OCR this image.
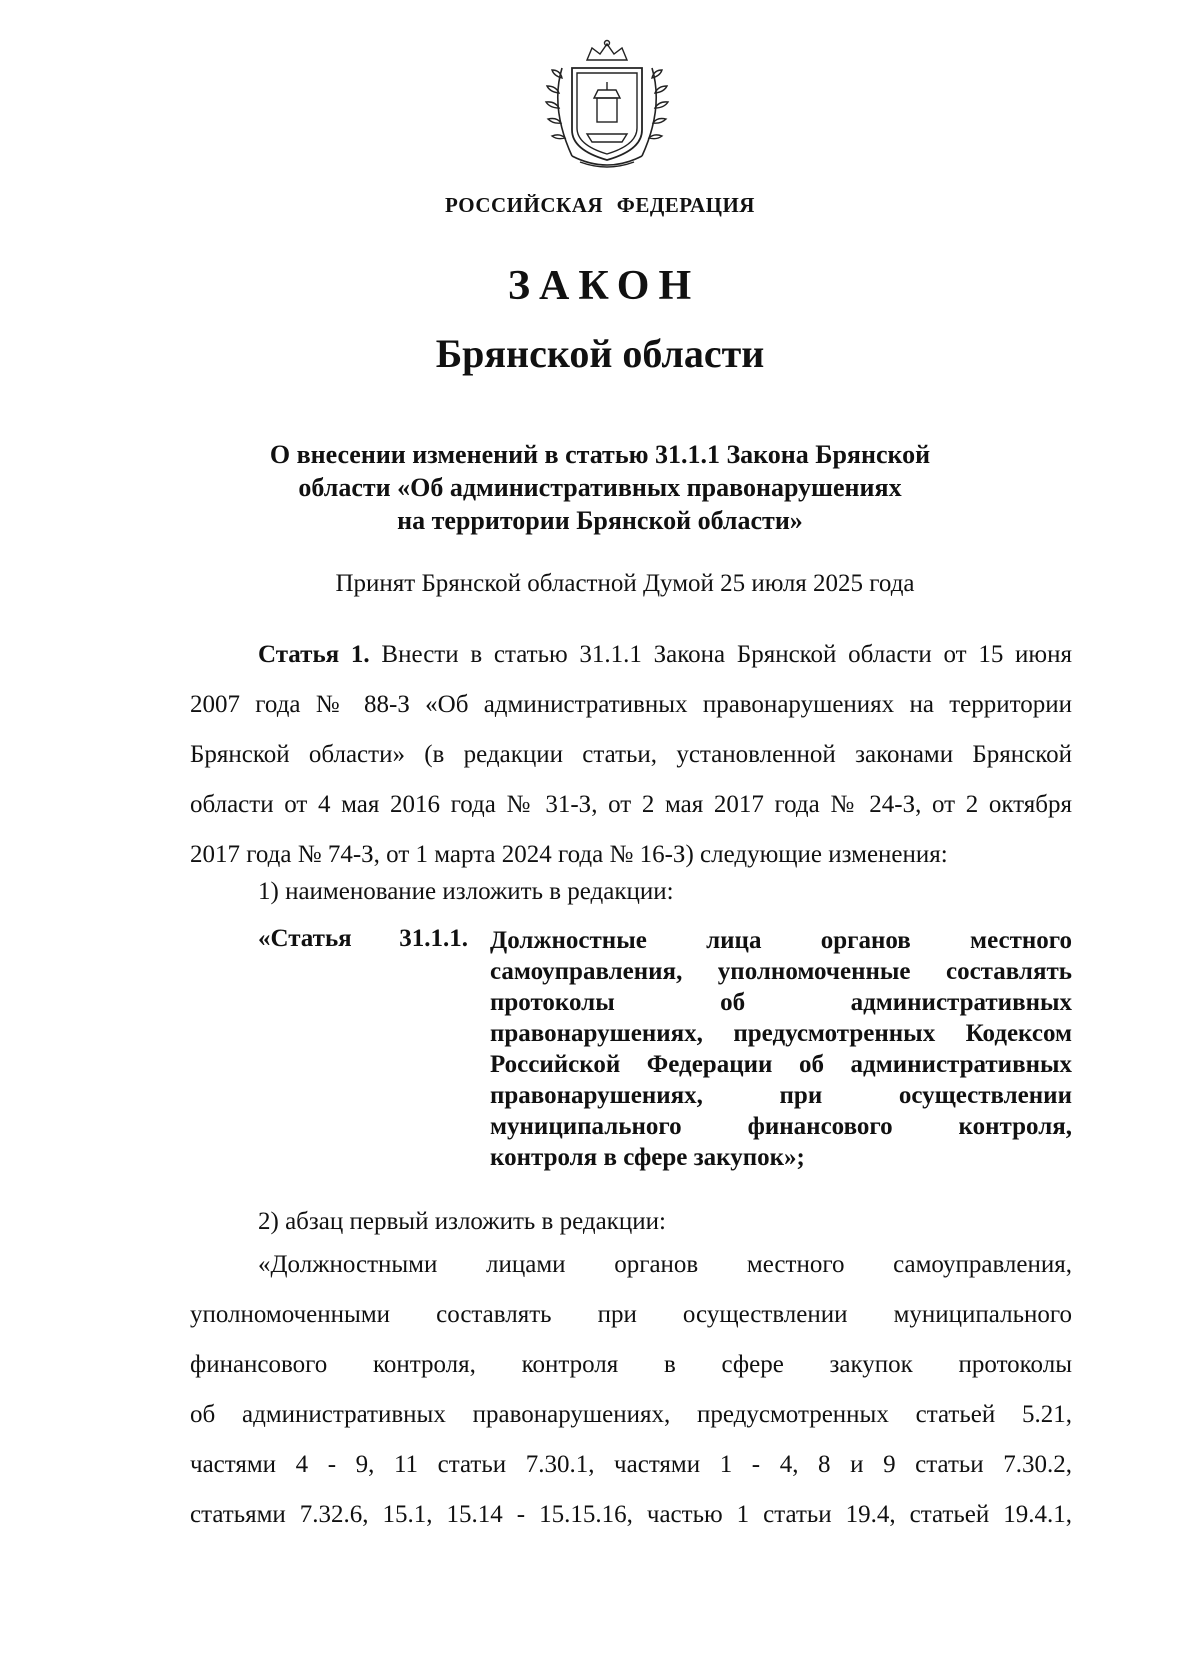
РОССИЙСКАЯ ФЕДЕРАЦИЯ
ЗАКОН
Брянской области
О внесении изменений в статью 31.1.1 Закона Брянской
области «Об административных правонарушениях
на территории Брянской области»
Принят Брянской областной Думой 25 июля 2025 года

Статья 1. Внести в статью 31.1.1 Закона Брянской области от 15 июня

2007 года № 88-З «Об административных правонарушениях на территории

Брянской области» (в редакции статьи, установленной законами Брянской

области от 4 мая 2016 года № 31-З, от 2 мая 2017 года № 24-З, от 2 октября

2017 года № 74-З, от 1 марта 2024 года № 16-З) следующие изменения:

1) наименование изложить в редакции:
«Статья 31.1.1. Должностные лица органов местного
самоуправления, уполномоченные составлять
протоколы об административных
правонарушениях, предусмотренных Кодексом
Российской Федерации об административных
правонарушениях, при осуществлении
муниципального финансового контроля,
контроля в сфере закупок»;
2) абзац первый изложить в редакции:

«Должностными лицами органов местного самоуправления,

уполномоченными составлять при осуществлении муниципального

финансового контроля, контроля в сфере закупок протоколы

об административных правонарушениях, предусмотренных статьей 5.21,

частями 4 - 9, 11 статьи 7.30.1, частями 1 - 4, 8 и 9 статьи 7.30.2,

статьями 7.32.6, 15.1, 15.14 - 15.15.16, частью 1 статьи 19.4, статьей 19.4.1,
